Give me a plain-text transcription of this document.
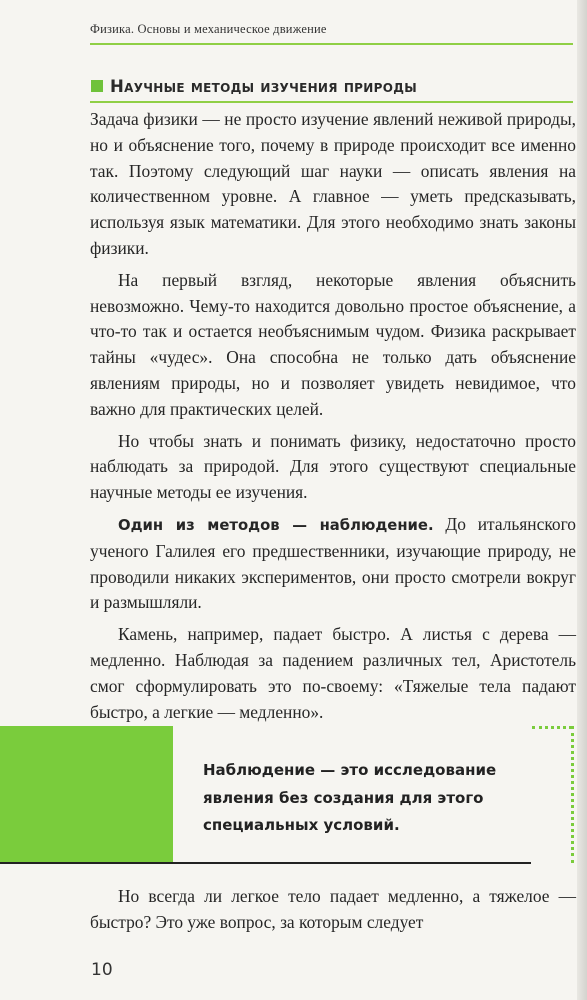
Физика. Основы и механическое движение
Научные методы изучения природы

Задача физики — не просто изучение явлений неживой природы, но и объяснение того, почему в природе происходит все именно так. Поэтому следующий шаг науки — описать явления на количественном уровне. А главное — уметь предсказывать, используя язык математики. Для этого необходимо знать законы физики.

На первый взгляд, некоторые явления объяснить невозможно. Чему-то находится довольно простое объяснение, а что-то так и остается необъяснимым чудом. Физика раскрывает тайны «чудес». Она способна не только дать объяснение явлениям природы, но и позволяет увидеть невидимое, что важно для практических целей.

Но чтобы знать и понимать физику, недостаточно просто наблюдать за природой. Для этого существуют специальные научные методы ее изучения.

Один из методов — наблюдение. До итальянского ученого Галилея его предшественники, изучающие природу, не проводили никаких экспериментов, они просто смотрели вокруг и размышляли.

Камень, например, падает быстро. А листья с дерева — медленно. Наблюдая за падением различных тел, Аристотель смог сформулировать это по-своему: «Тяжелые тела падают быстро, а легкие — медленно».

Наблюдение — это исследование
явления без создания для этого
специальных условий.

Но всегда ли легкое тело падает медленно, а тяжелое — быстро? Это уже вопрос, за которым следует

10
